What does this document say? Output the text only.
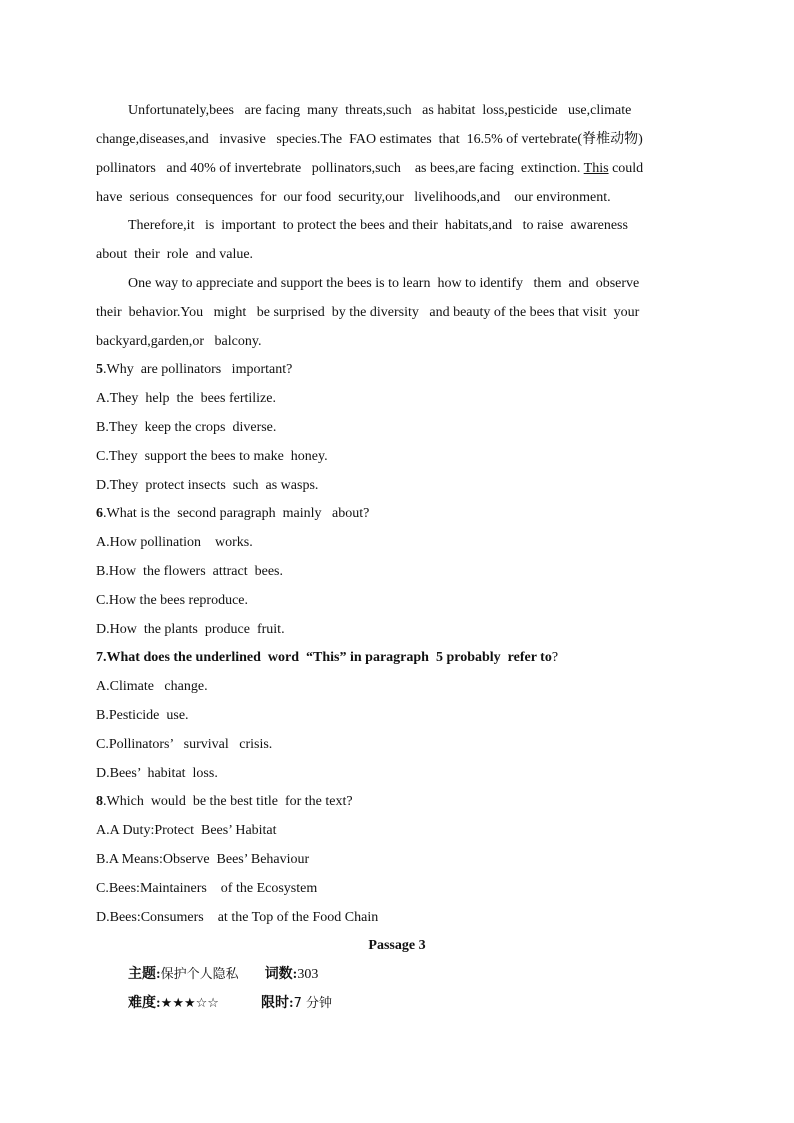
Unfortunately,bees   are facing  many  threats,such   as habitat  loss,pesticide   use,climate
change,diseases,and   invasive   species.The  FAO estimates  that  16.5% of vertebrate(脊椎动物)
pollinators   and 40% of invertebrate   pollinators,such    as bees,are facing  extinction. This could
have  serious  consequences  for  our food  security,our   livelihoods,and    our environment.
Therefore,it   is  important  to protect the bees and their  habitats,and   to raise  awareness
about  their  role  and value.
One way to appreciate and support the bees is to learn  how to identify   them  and  observe
their  behavior.You   might   be surprised  by the diversity   and beauty of the bees that visit  your
backyard,garden,or   balcony.
5.Why  are pollinators   important?
A.They  help  the  bees fertilize.
B.They  keep the crops  diverse.
C.They  support the bees to make  honey.
D.They  protect insects  such  as wasps.
6.What is the  second paragraph  mainly   about?
A.How pollination    works.
B.How  the flowers  attract  bees.
C.How the bees reproduce.
D.How  the plants  produce  fruit.
7.What does the underlined  word  “This” in paragraph  5 probably  refer to?
A.Climate   change.
B.Pesticide  use.
C.Pollinators’   survival   crisis.
D.Bees’  habitat  loss.
8.Which  would  be the best title  for the text?
A.A Duty:Protect  Bees’ Habitat
B.A Means:Observe  Bees’ Behaviour
C.Bees:Maintainers    of the Ecosystem
D.Bees:Consumers    at the Top of the Food Chain
Passage 3
主题:保护个人隐私 词数:303
难度:★★★☆☆	限时:7 分钟
